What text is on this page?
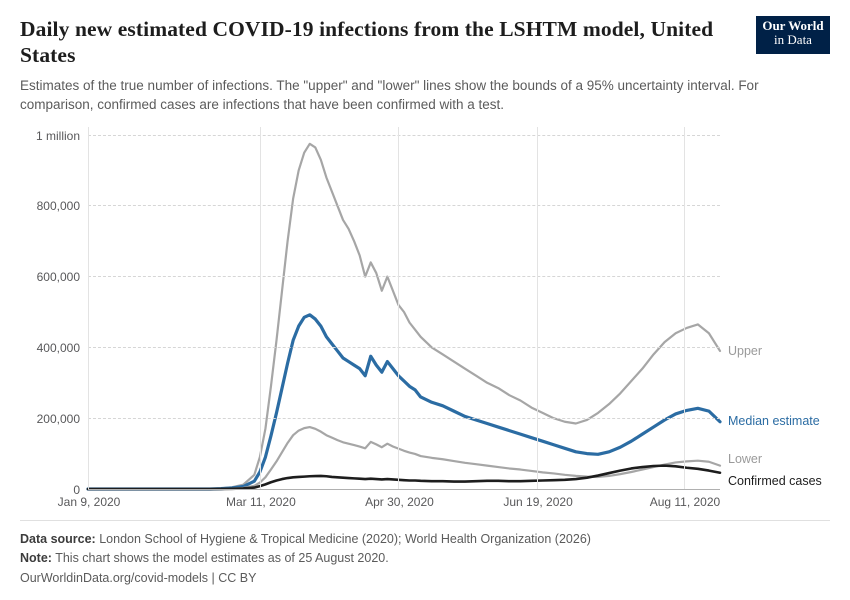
Daily new estimated COVID-19 infections from the LSHTM model, United States
Estimates of the true number of infections. The "upper" and "lower" lines show the bounds of a 95% uncertainty interval. For comparison, confirmed cases are infections that have been confirmed with a test.
Our World
in Data
0
200,000
400,000
600,000
800,000
1 million
Jan 9, 2020	Mar 11, 2020	Apr 30, 2020	Jun 19, 2020	Aug 11, 2020
Upper
Median estimate
Lower
Confirmed cases
Data source: London School of Hygiene & Tropical Medicine (2020); World Health Organization (2026)
Note: This chart shows the model estimates as of 25 August 2020.
OurWorldinData.org/covid-models | CC BY
